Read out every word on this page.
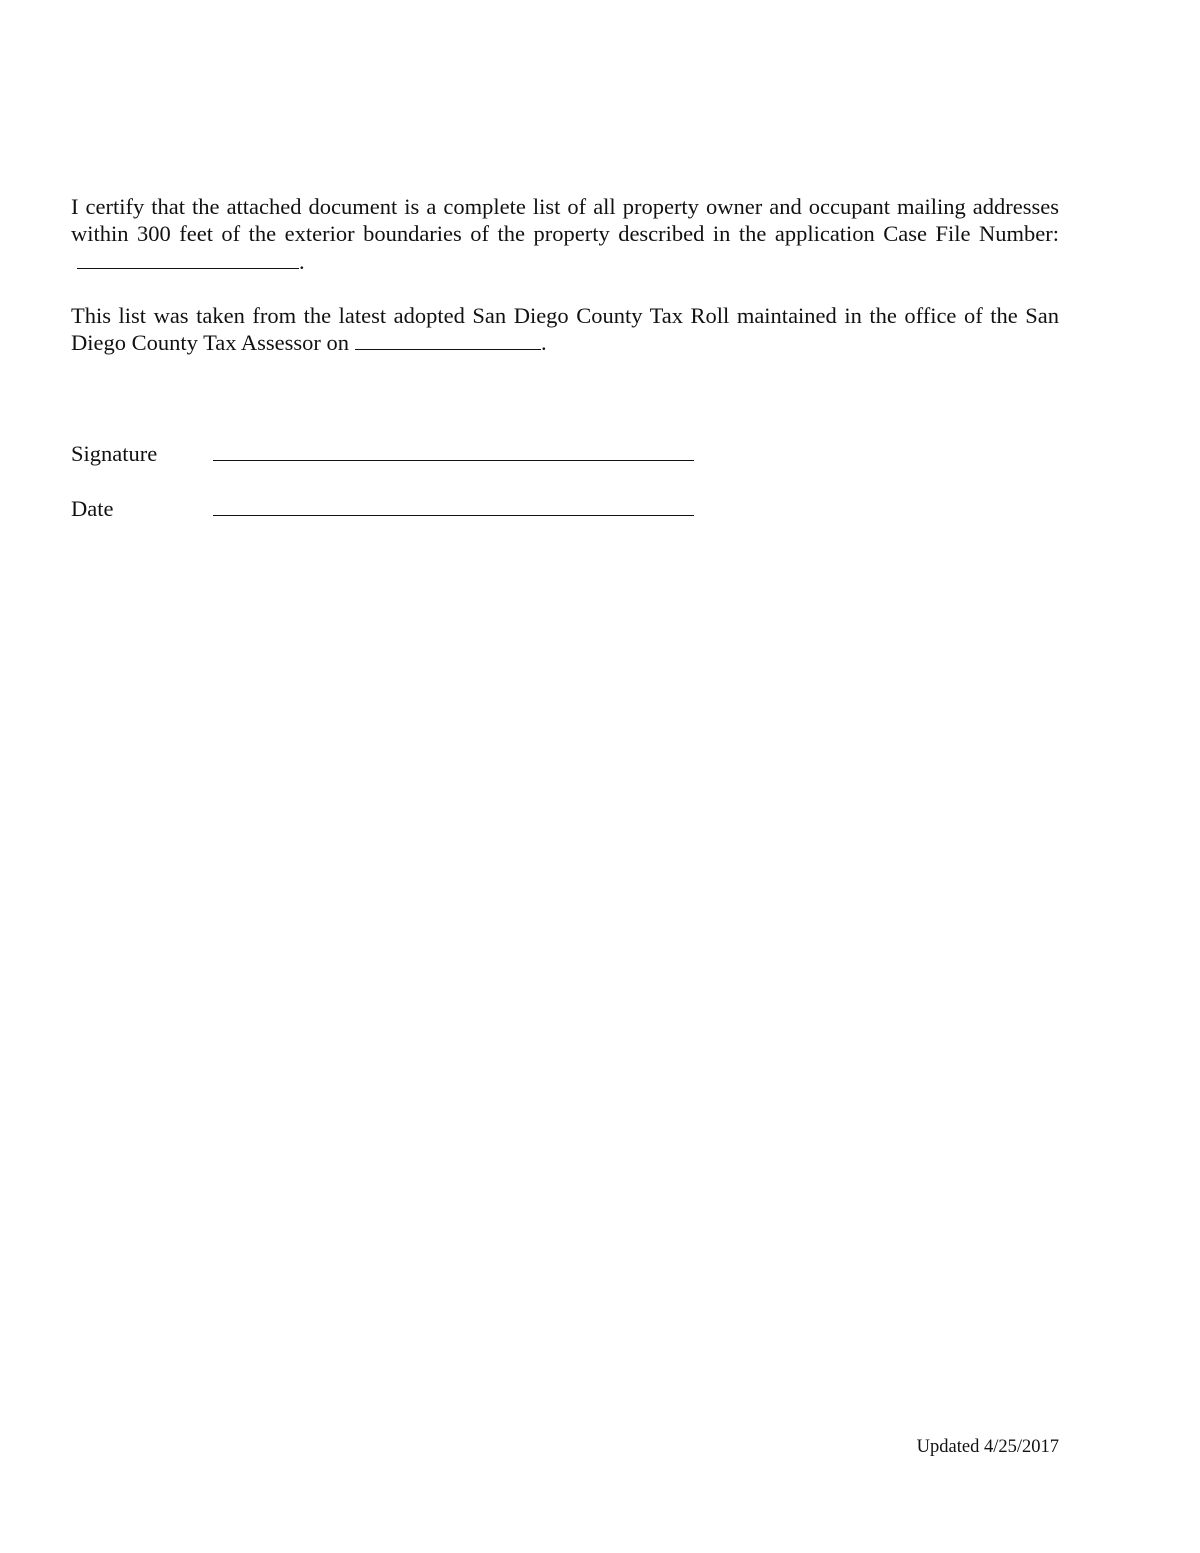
I certify that the attached document is a complete list of all property owner and occupant mailing addresses within 300 feet of the exterior boundaries of the property described in the application Case File Number:.

This list was taken from the latest adopted San Diego County Tax Roll maintained in the office of the San Diego County Tax Assessor on	.

Signature
Date
Updated 4/25/2017
